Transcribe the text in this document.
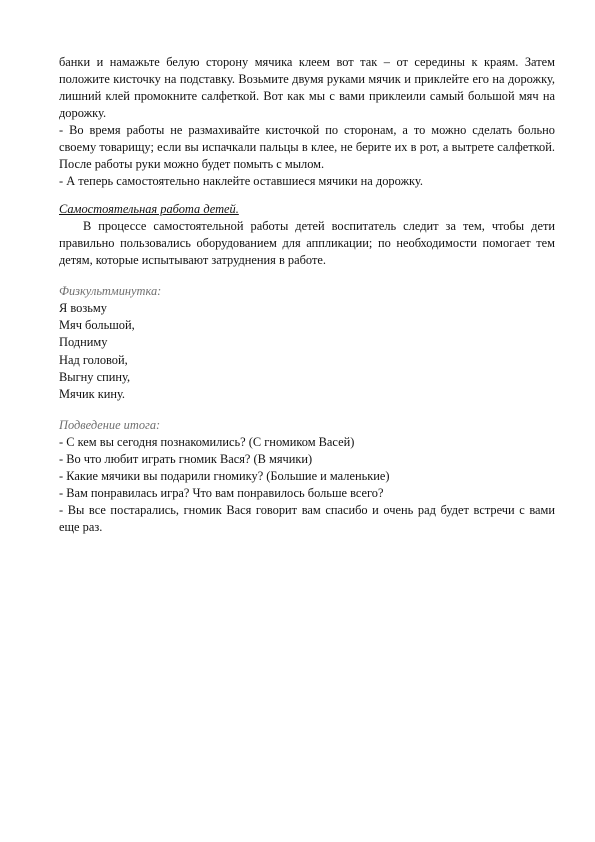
банки и намажьте белую сторону мячика клеем вот так – от середины к краям. Затем положите кисточку на подставку. Возьмите двумя руками мячик и приклейте его на дорожку, лишний клей промокните салфеткой. Вот как мы с вами приклеили самый большой мяч на дорожку.

- Во время работы не размахивайте кисточкой по сторонам, а то можно сделать больно своему товарищу; если вы испачкали пальцы в клее, не берите их в рот, а вытрете салфеткой. После работы руки можно будет помыть с мылом.

- А теперь самостоятельно наклейте оставшиеся мячики на дорожку.

Самостоятельная работа детей.

В процессе самостоятельной работы детей воспитатель следит за тем, чтобы дети правильно пользовались оборудованием для аппликации; по необходимости помогает тем детям, которые испытывают затруднения в работе.

Физкультминутка:

Я возьму

Мяч большой,

Подниму

Над головой,

Выгну спину,

Мячик кину.

Подведение итога:

- С кем вы сегодня познакомились? (С гномиком Васей)

- Во что любит играть гномик Вася? (В мячики)

- Какие мячики вы подарили гномику? (Большие и маленькие)

- Вам понравилась игра? Что вам понравилось больше всего?

- Вы все постарались, гномик Вася говорит вам спасибо и очень рад будет встречи с вами еще раз.
